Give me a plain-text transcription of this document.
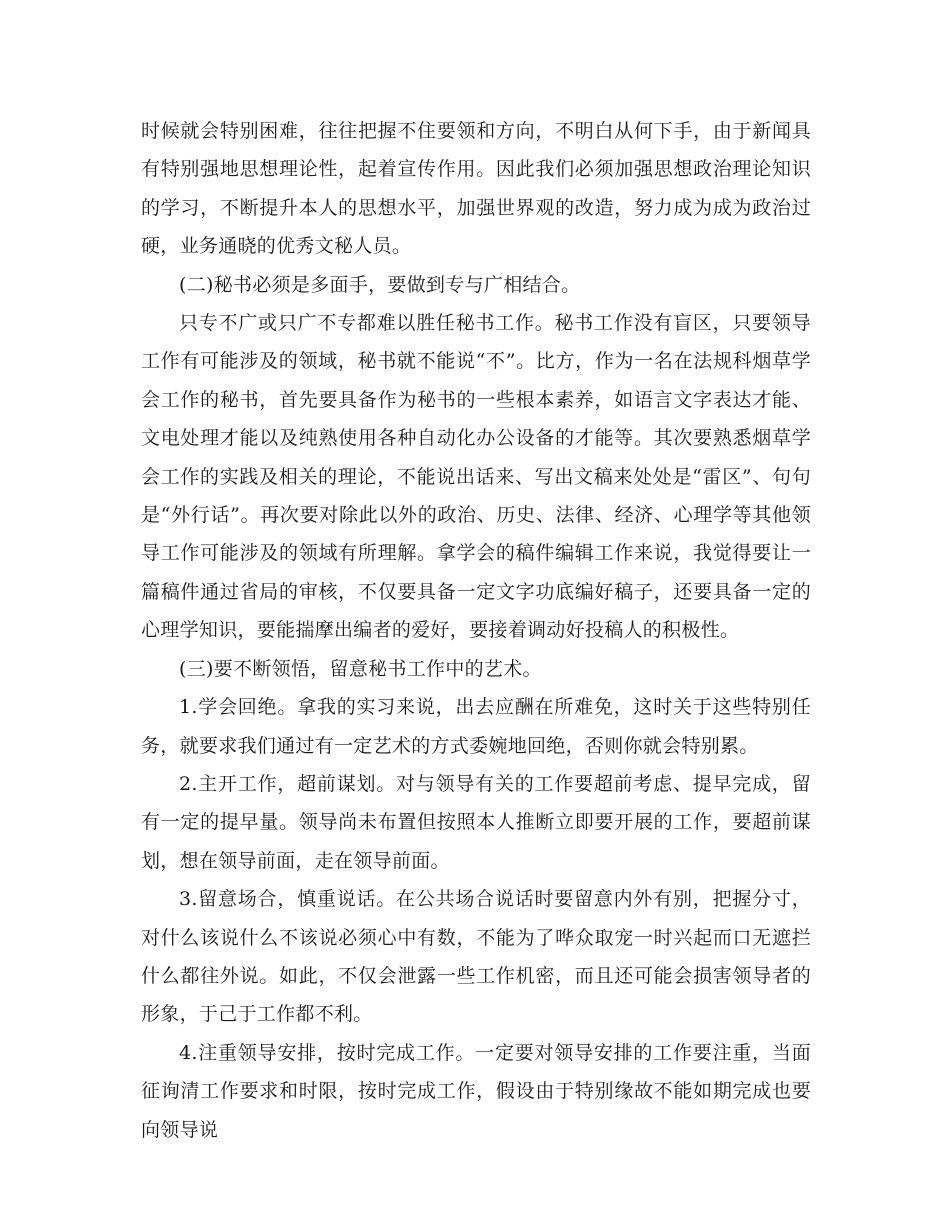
时候就会特别困难，往往把握不住要领和方向，不明白从何下手，由于新闻具有特别强地思想理论性，起着宣传作用。因此我们必须加强思想政治理论知识的学习，不断提升本人的思想水平，加强世界观的改造，努力成为成为政治过硬，业务通晓的优秀文秘人员。

(二)秘书必须是多面手，要做到专与广相结合。

只专不广或只广不专都难以胜任秘书工作。秘书工作没有盲区，只要领导工作有可能涉及的领域，秘书就不能说“不”。比方，作为一名在法规科烟草学会工作的秘书，首先要具备作为秘书的一些根本素养，如语言文字表达才能、文电处理才能以及纯熟使用各种自动化办公设备的才能等。其次要熟悉烟草学会工作的实践及相关的理论，不能说出话来、写出文稿来处处是“雷区”、句句是“外行话”。再次要对除此以外的政治、历史、法律、经济、心理学等其他领导工作可能涉及的领域有所理解。拿学会的稿件编辑工作来说，我觉得要让一篇稿件通过省局的审核，不仅要具备一定文字功底编好稿子，还要具备一定的心理学知识，要能揣摩出编者的爱好，要接着调动好投稿人的积极性。

(三)要不断领悟，留意秘书工作中的艺术。

1.学会回绝。拿我的实习来说，出去应酬在所难免，这时关于这些特别任务，就要求我们通过有一定艺术的方式委婉地回绝，否则你就会特别累。

2.主开工作，超前谋划。对与领导有关的工作要超前考虑、提早完成，留有一定的提早量。领导尚未布置但按照本人推断立即要开展的工作，要超前谋划，想在领导前面，走在领导前面。

3.留意场合，慎重说话。在公共场合说话时要留意内外有别，把握分寸，对什么该说什么不该说必须心中有数，不能为了哗众取宠一时兴起而口无遮拦什么都往外说。如此，不仅会泄露一些工作机密，而且还可能会损害领导者的形象，于己于工作都不利。

4.注重领导安排，按时完成工作。一定要对领导安排的工作要注重，当面征询清工作要求和时限，按时完成工作，假设由于特别缘故不能如期完成也要向领导说
